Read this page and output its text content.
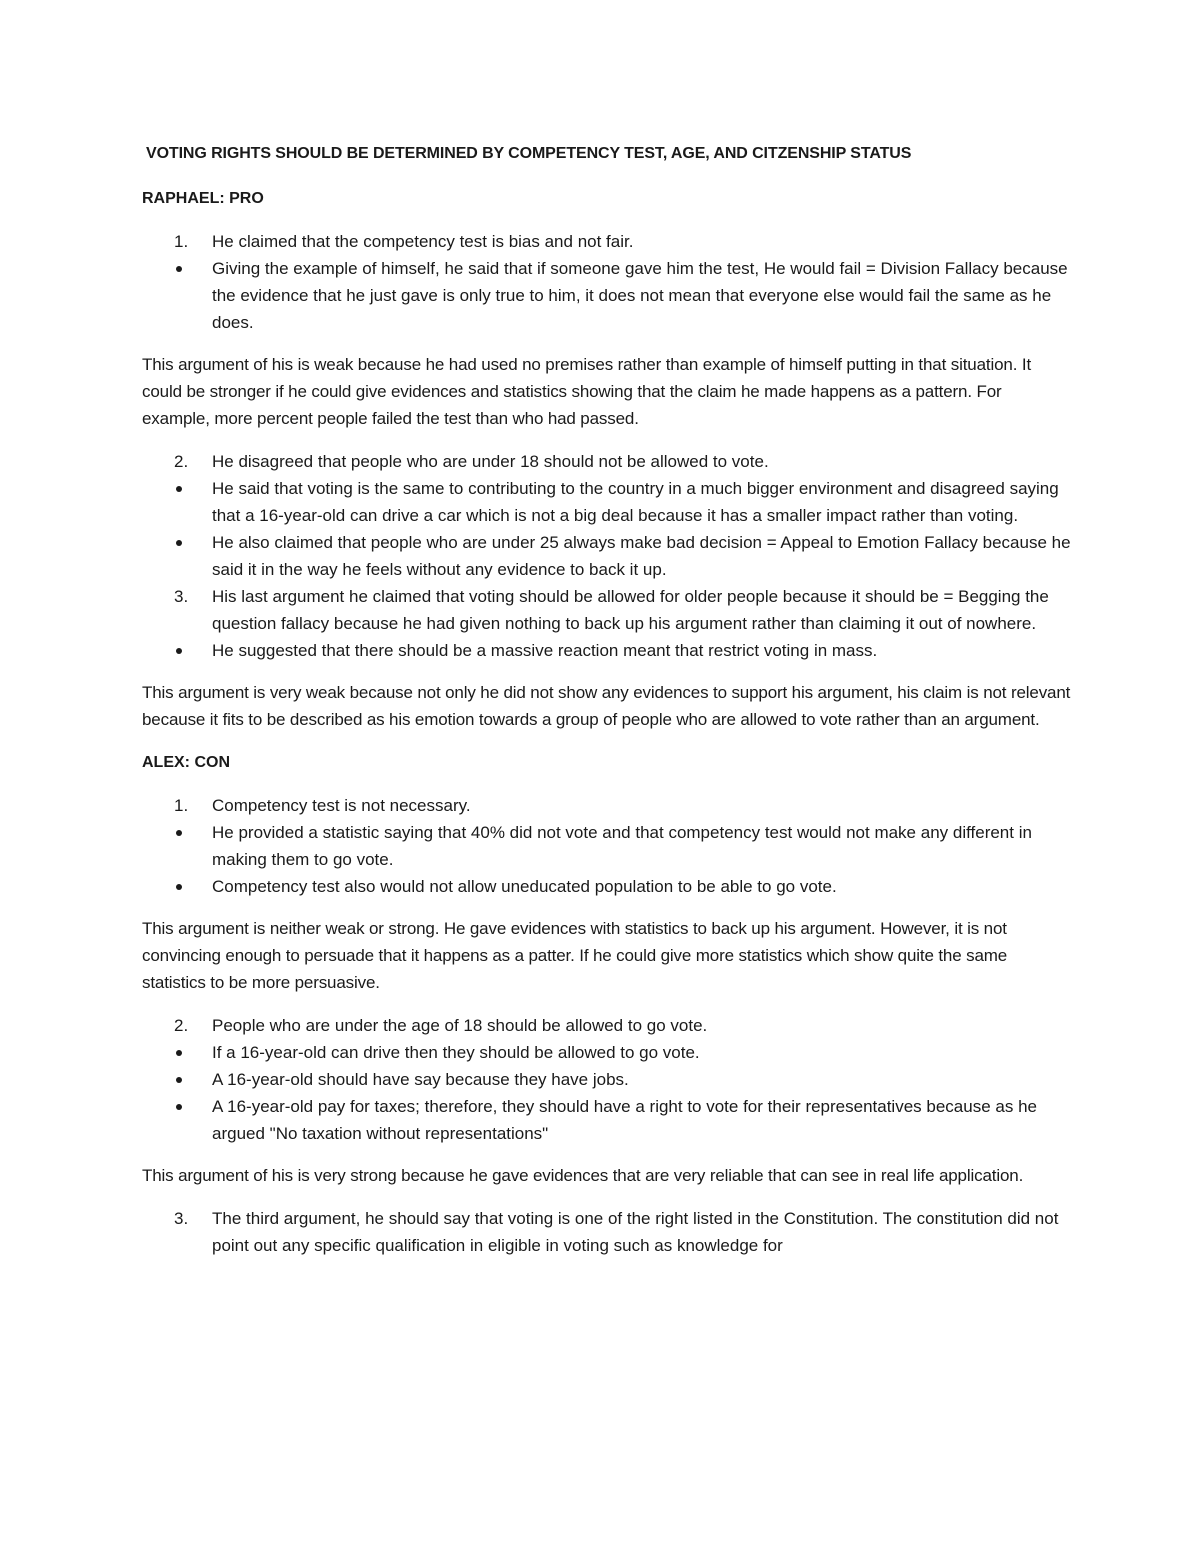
VOTING RIGHTS SHOULD BE DETERMINED BY COMPETENCY TEST, AGE, AND CITZENSHIP STATUS
RAPHAEL: PRO
1.	He claimed that the competency test is bias and not fair.
Giving the example of himself, he said that if someone gave him the test, He would fail = Division Fallacy because the evidence that he just gave is only true to him, it does not mean that everyone else would fail the same as he does.

This argument of his is weak because he had used no premises rather than example of himself putting in that situation. It could be stronger if he could give evidences and statistics showing that the claim he made happens as a pattern. For example, more percent people failed the test than who had passed.

2.	He disagreed that people who are under 18 should not be allowed to vote.
He said that voting is the same to contributing to the country in a much bigger environment and disagreed saying that a 16-year-old can drive a car which is not a big deal because it has a smaller impact rather than voting.
He also claimed that people who are under 25 always make bad decision = Appeal to Emotion Fallacy because he said it in the way he feels without any evidence to back it up.
3.	His last argument he claimed that voting should be allowed for older people because it should be = Begging the question fallacy because he had given nothing to back up his argument rather than claiming it out of nowhere.
He suggested that there should be a massive reaction meant that restrict voting in mass.

This argument is very weak because not only he did not show any evidences to support his argument, his claim is not relevant because it fits to be described as his emotion towards a group of people who are allowed to vote rather than an argument.

ALEX: CON
1.	Competency test is not necessary.
He provided a statistic saying that 40% did not vote and that competency test would not make any different in making them to go vote.
Competency test also would not allow uneducated population to be able to go vote.

This argument is neither weak or strong. He gave evidences with statistics to back up his argument. However, it is not convincing enough to persuade that it happens as a patter. If he could give more statistics which show quite the same statistics to be more persuasive.

2.	People who are under the age of 18 should be allowed to go vote.
If a 16-year-old can drive then they should be allowed to go vote.
A 16-year-old should have say because they have jobs.
A 16-year-old pay for taxes; therefore, they should have a right to vote for their representatives because as he argued "No taxation without representations"

This argument of his is very strong because he gave evidences that are very reliable that can see in real life application.

3.	The third argument, he should say that voting is one of the right listed in the Constitution. The constitution did not point out any specific qualification in eligible in voting such as knowledge for
